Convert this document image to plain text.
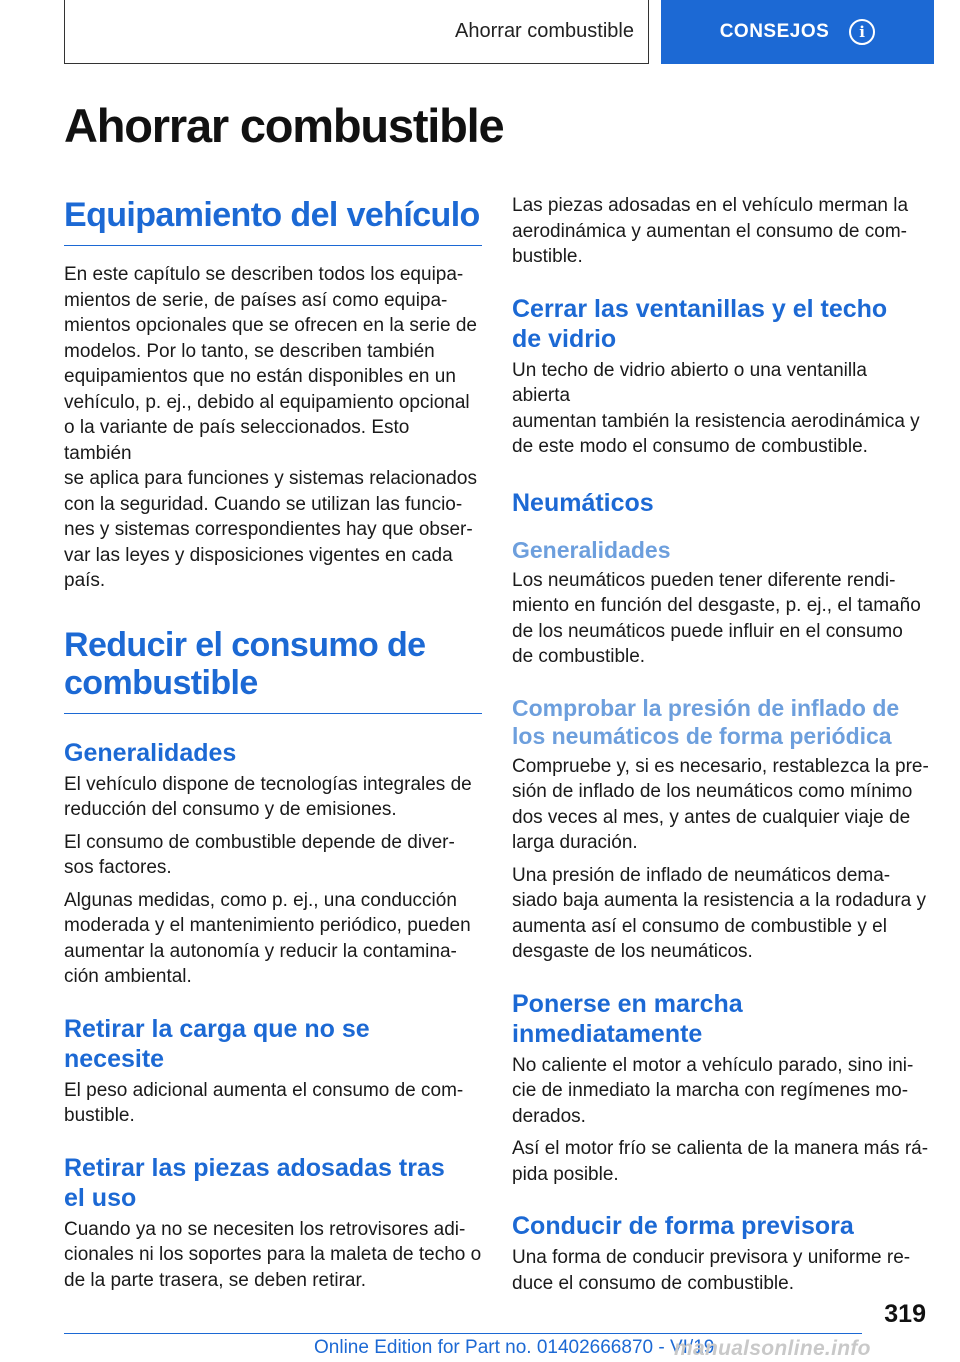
Ahorrar combustible	CONSEJOS	i
Ahorrar combustible
Equipamiento del vehículo
En este capítulo se describen todos los equipa-
mientos de serie, de países así como equipa-
mientos opcionales que se ofrecen en la serie de
modelos. Por lo tanto, se describen también
equipamientos que no están disponibles en un
vehículo, p. ej., debido al equipamiento opcional
o la variante de país seleccionados. Esto también
se aplica para funciones y sistemas relacionados
con la seguridad. Cuando se utilizan las funcio-
nes y sistemas correspondientes hay que obser-
var las leyes y disposiciones vigentes en cada
país.
Reducir el consumo de
combustible
Generalidades
El vehículo dispone de tecnologías integrales de
reducción del consumo y de emisiones.
El consumo de combustible depende de diver-
sos factores.
Algunas medidas, como p. ej., una conducción
moderada y el mantenimiento periódico, pueden
aumentar la autonomía y reducir la contamina-
ción ambiental.
Retirar la carga que no se
necesite
El peso adicional aumenta el consumo de com-
bustible.
Retirar las piezas adosadas tras
el uso
Cuando ya no se necesiten los retrovisores adi-
cionales ni los soportes para la maleta de techo o
de la parte trasera, se deben retirar.
Las piezas adosadas en el vehículo merman la
aerodinámica y aumentan el consumo de com-
bustible.
Cerrar las ventanillas y el techo
de vidrio
Un techo de vidrio abierto o una ventanilla abierta
aumentan también la resistencia aerodinámica y
de este modo el consumo de combustible.
Neumáticos
Generalidades
Los neumáticos pueden tener diferente rendi-
miento en función del desgaste, p. ej., el tamaño
de los neumáticos puede influir en el consumo
de combustible.
Comprobar la presión de inflado de
los neumáticos de forma periódica
Compruebe y, si es necesario, restablezca la pre-
sión de inflado de los neumáticos como mínimo
dos veces al mes, y antes de cualquier viaje de
larga duración.
Una presión de inflado de neumáticos dema-
siado baja aumenta la resistencia a la rodadura y
aumenta así el consumo de combustible y el
desgaste de los neumáticos.
Ponerse en marcha
inmediatamente
No caliente el motor a vehículo parado, sino ini-
cie de inmediato la marcha con regímenes mo-
derados.
Así el motor frío se calienta de la manera más rá-
pida posible.
Conducir de forma previsora
Una forma de conducir previsora y uniforme re-
duce el consumo de combustible.
319
Online Edition for Part no. 01402666870 - VI/19
manualsonline.info
